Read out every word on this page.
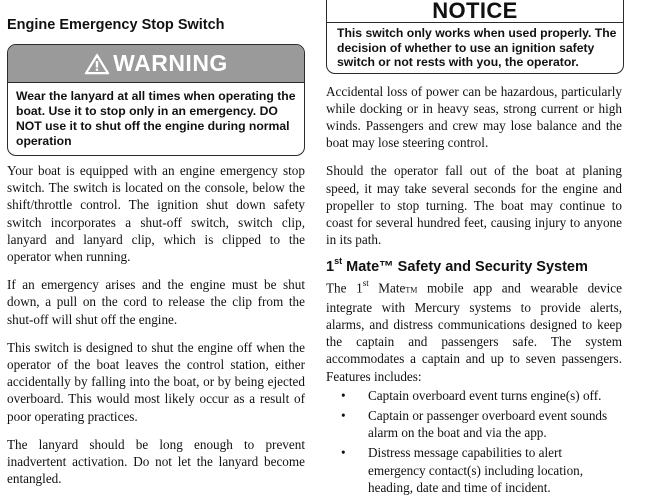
Engine Emergency Stop Switch
WARNING
Wear the lanyard at all times when operating the boat. Use it to stop only in an emergency. DO NOT use it to shut off the engine during normal operation

Your boat is equipped with an engine emergency stop switch. The switch is located on the console, below the shift/throttle control. The ignition shut down safety switch incorporates a shut-off switch, switch clip, lanyard and lanyard clip, which is clipped to the operator when running.

If an emergency arises and the engine must be shut down, a pull on the cord to release the clip from the shut-off will shut off the engine.

This switch is designed to shut the engine off when the operator of the boat leaves the control station, either accidentally by falling into the boat, or by being ejected overboard. This would most likely occur as a result of poor operating practices.

The lanyard should be long enough to prevent inadvertent activation. Do not let the lanyard become entangled.

NOTICE
This switch only works when used properly. The decision of whether to use an ignition safety switch or not rests with you, the operator.

Accidental loss of power can be hazardous, particularly while docking or in heavy seas, strong current or high winds. Passengers and crew may lose balance and the boat may lose steering control.

Should the operator fall out of the boat at planing speed, it may take several seconds for the engine and propeller to stop turning. The boat may continue to coast for several hundred feet, causing injury to anyone in its path.

1st Mate™ Safety and Security System

The 1st MateTM mobile app and wearable device integrate with Mercury systems to provide alerts, alarms, and distress communications designed to keep the captain and passengers safe. The system accommodates a captain and up to seven passengers. Features includes:

• Captain overboard event turns engine(s) off.
• Captain or passenger overboard event sounds alarm on the boat and via the app.
• Distress message capabilities to alert emergency contact(s) including location, heading, date and time of incident.
